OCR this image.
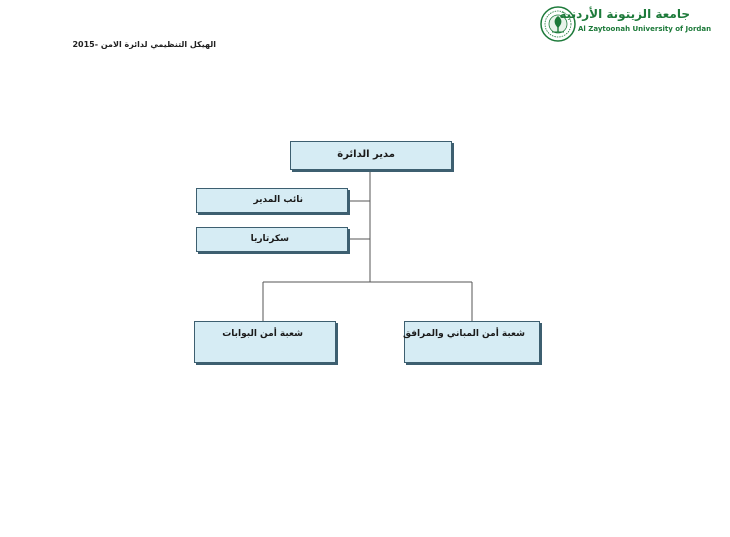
جامعة الزيتونة الأردنية
Al Zaytoonah University of Jordan
الهيكل التنظيمي لدائرة الامن -2015
مدير الدائرة
نائب المدير
سكرتاريا
شعبة أمن البوابات	شعبة أمن المباني والمرافق
